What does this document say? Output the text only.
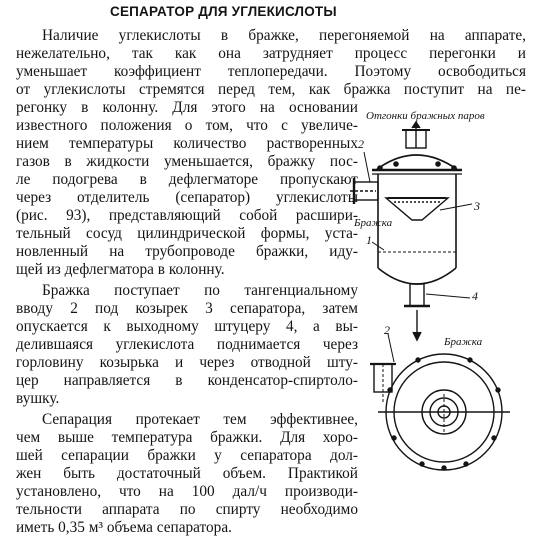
СЕПАРАТОР ДЛЯ УГЛЕКИСЛОТЫ

Наличие углекислоты в бражке, перегоняемой на аппарате,

нежелательно, так как она затрудняет процесс перегонки и

уменьшает коэффициент теплопередачи. Поэтому освободиться

от углекислоты стремятся перед тем, как бражка поступит на пе-

регонку в колонну. Для этого на основании

известного положения о том, что с увеличе-

нием температуры количество растворенных

газов в жидкости уменьшается, бражку пос-

ле подогрева в дефлегматоре пропускают

через отделитель (сепаратор) углекислоты

(рис. 93), представляющий собой расшири-

тельный сосуд цилиндрической формы, уста-

новленный на трубопроводе бражки, иду-

щей из дефлегматора в колонну.

Бражка поступает по тангенциальному

вводу 2 под козырек 3 сепаратора, затем

опускается к выходному штуцеру 4, а вы-

делившаяся углекислота поднимается через

горловину козырька и через отводной шту-

цер направляется в конденсатор-спиртоло-

вушку.

Сепарация протекает тем эффективнее,

чем выше температура бражки. Для хоро-

шей сепарации бражки у сепаратора дол-

жен быть достаточный объем. Практикой

установлено, что на 100 дал/ч производи-

тельности аппарата по спирту необходимо

иметь 0,35 м³ объема сепаратора.

Отгонки бражных паров
Бражка
Бражка
2
3
1
4
2
